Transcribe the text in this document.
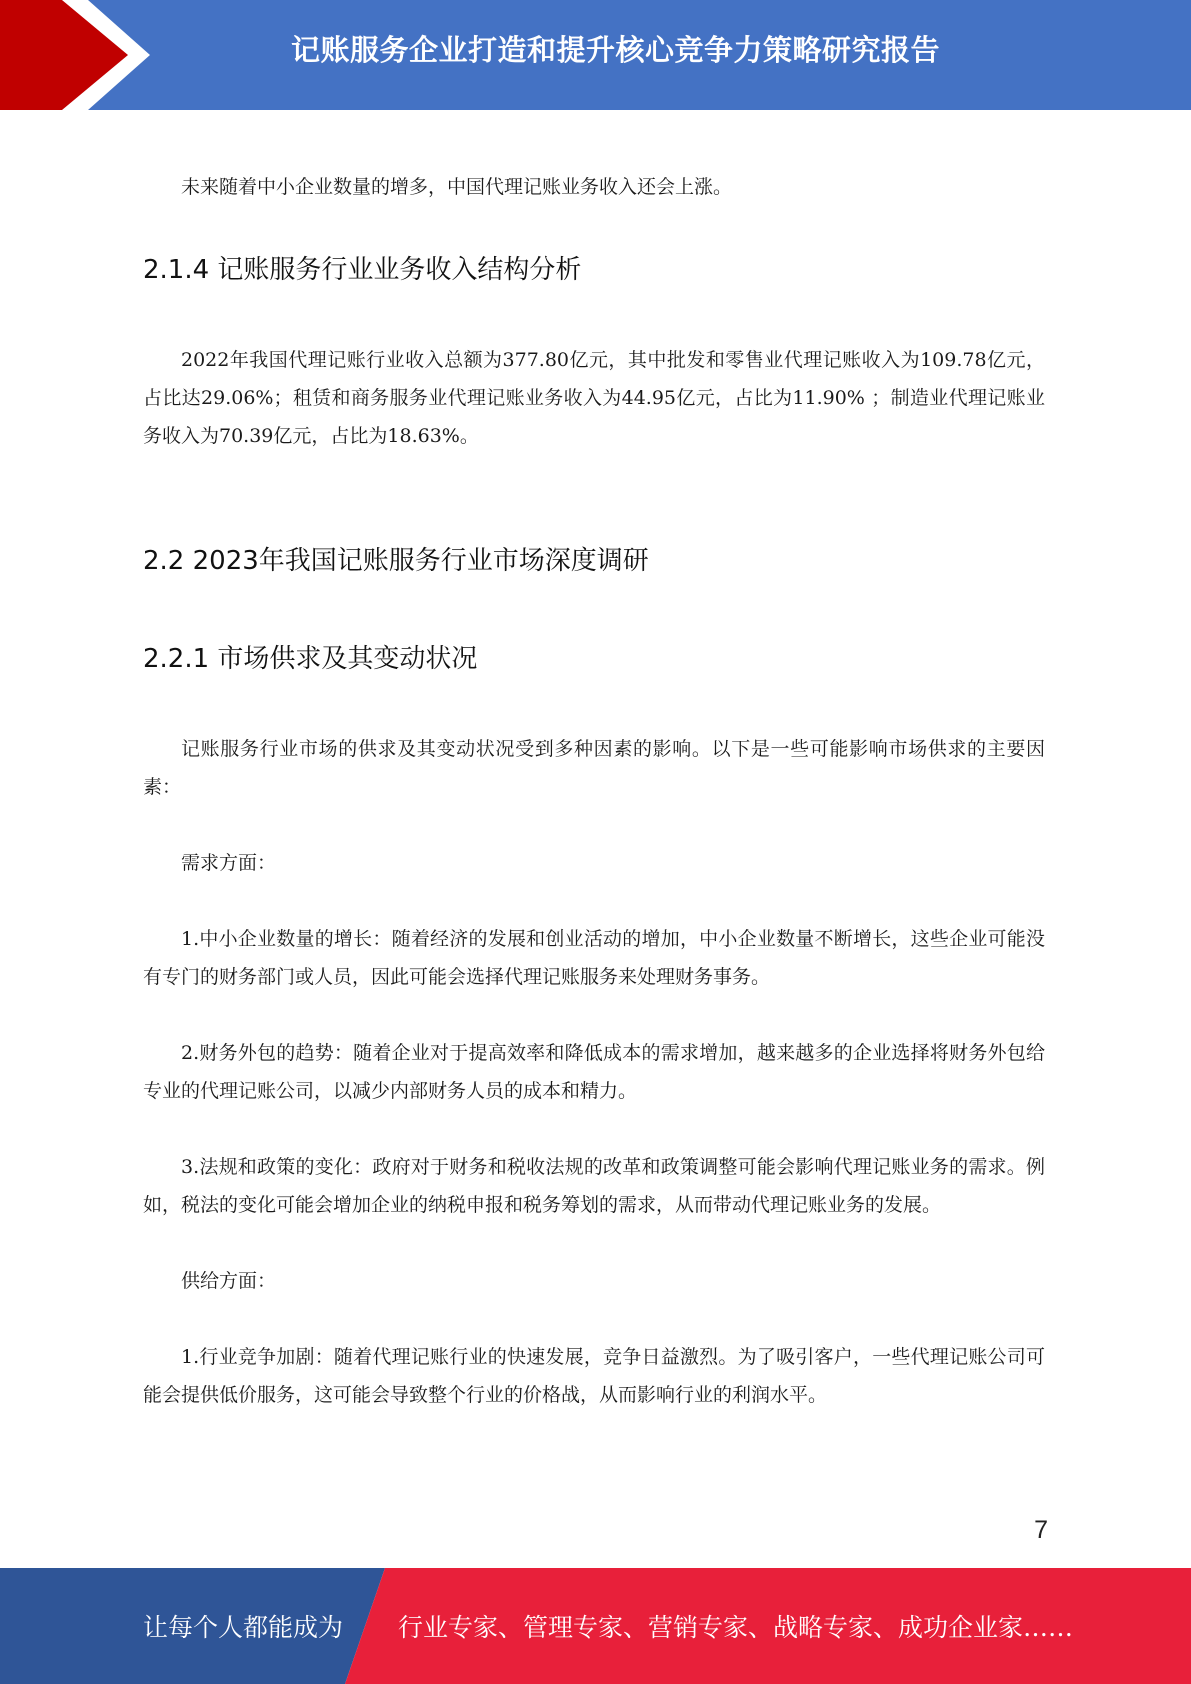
记账服务企业打造和提升核心竞争力策略研究报告

未来随着中小企业数量的增多，中国代理记账业务收入还会上涨。

2.1.4 记账服务行业业务收入结构分析

2022年我国代理记账行业收入总额为377.80亿元，其中批发和零售业代理记账收入为109.78亿元，占比达29.06%；租赁和商务服务业代理记账业务收入为44.95亿元，占比为11.90% ；制造业代理记账业务收入为70.39亿元，占比为18.63%。

2.2 2023年我国记账服务行业市场深度调研
2.2.1 市场供求及其变动状况

记账服务行业市场的供求及其变动状况受到多种因素的影响。以下是一些可能影响市场供求的主要因素：

需求方面：

1.中小企业数量的增长：随着经济的发展和创业活动的增加，中小企业数量不断增长，这些企业可能没有专门的财务部门或人员，因此可能会选择代理记账服务来处理财务事务。

2.财务外包的趋势：随着企业对于提高效率和降低成本的需求增加，越来越多的企业选择将财务外包给专业的代理记账公司，以减少内部财务人员的成本和精力。

3.法规和政策的变化：政府对于财务和税收法规的改革和政策调整可能会影响代理记账业务的需求。例如，税法的变化可能会增加企业的纳税申报和税务筹划的需求，从而带动代理记账业务的发展。

供给方面：

1.行业竞争加剧：随着代理记账行业的快速发展，竞争日益激烈。为了吸引客户，一些代理记账公司可能会提供低价服务，这可能会导致整个行业的价格战，从而影响行业的利润水平。

7
让每个人都能成为 行业专家、管理专家、营销专家、战略专家、成功企业家……
